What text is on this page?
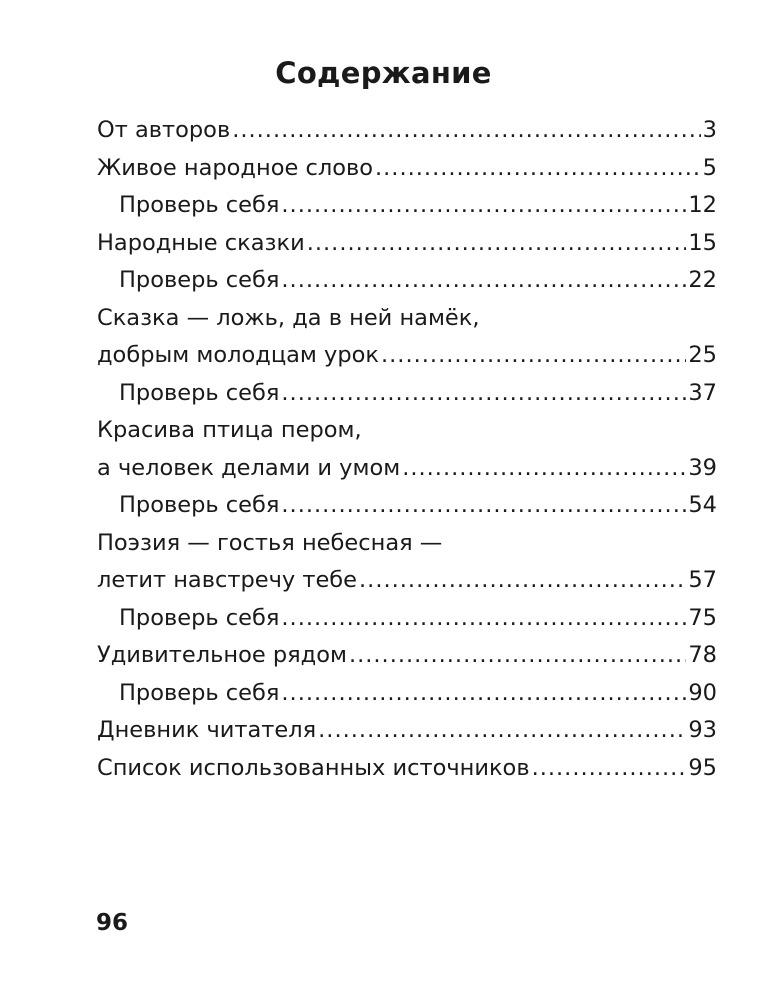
Содержание
От авторов .....	3
Живое народное слово .....	5
Проверь себя .....	12
Народные сказки .....	15
Проверь себя .....	22
Сказка — ложь, да в ней намёк,
добрым молодцам урок .....	25
Проверь себя .....	37
Красива птица пером,
а человек делами и умом .....	39
Проверь себя .....	54
Поэзия — гостья небесная —
летит навстречу тебе .....	57
Проверь себя .....	75
Удивительное рядом .....	78
Проверь себя .....	90
Дневник читателя .....	93
Список использованных источников .....	95
96
